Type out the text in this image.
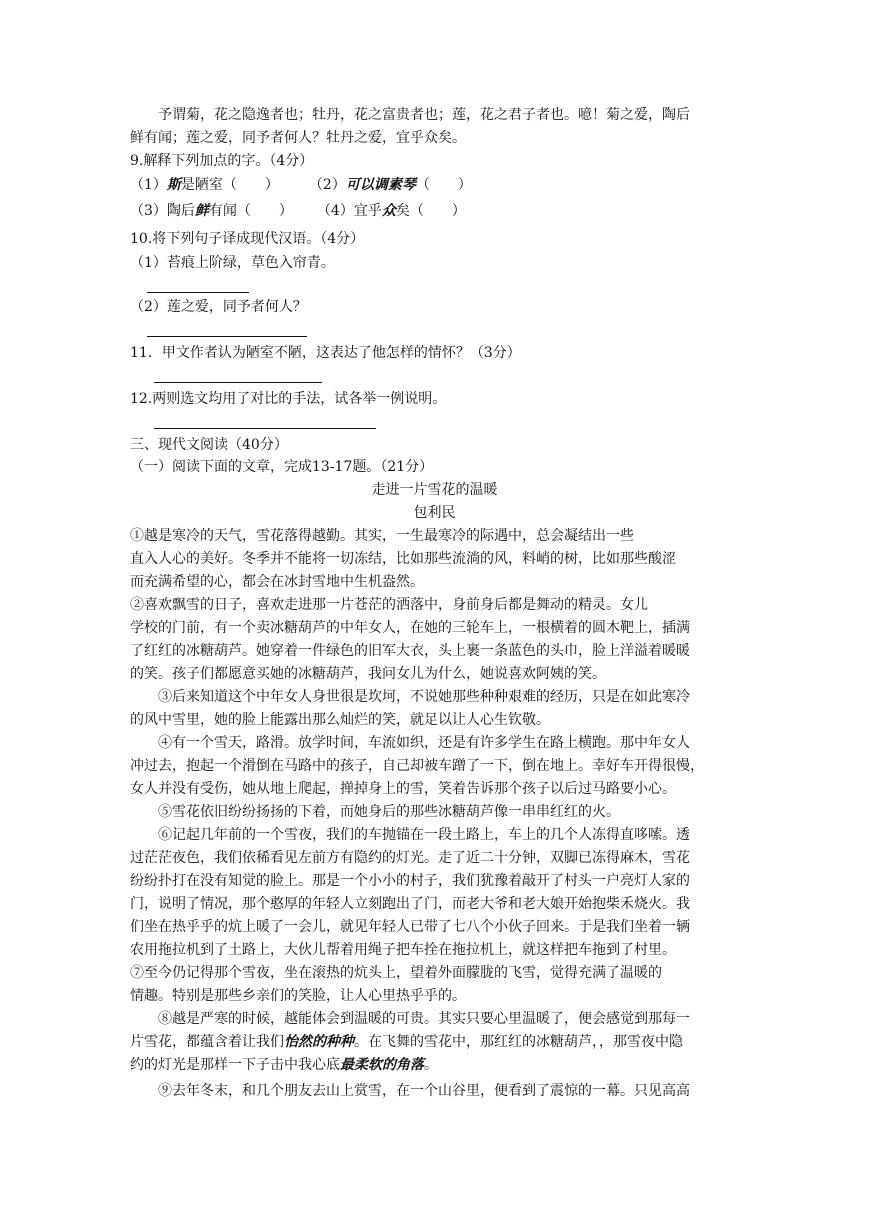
予谓菊，花之隐逸者也；牡丹，花之富贵者也；莲，花之君子者也。噫！菊之爱，陶后
鲜有闻；莲之爱，同予者何人？牡丹之爱，宜乎众矣。
9.解释下列加点的字。（4分）
（1）斯是陋室（　　） （2）可以调素琴（　　）
（3）陶后鲜有闻（　　） （4）宜乎众矣（　　）
10.将下列句子译成现代汉语。（4分）
（1）苔痕上阶绿，草色入帘青。
（2）莲之爱，同予者何人？
11．甲文作者认为陋室不陋，这表达了他怎样的情怀？（3分）
12.两则选文均用了对比的手法，试各举一例说明。
三、现代文阅读（40分）
（一）阅读下面的文章，完成13-17题。（21分）
走进一片雪花的温暖
包利民
①越是寒冷的天气，雪花落得越勤。其实，一生最寒冷的际遇中，总会凝结出一些
直入人心的美好。冬季并不能将一切冻结，比如那些流淌的风，料峭的树，比如那些酸涩
而充满希望的心，都会在冰封雪地中生机盎然。
②喜欢飘雪的日子，喜欢走进那一片苍茫的洒落中，身前身后都是舞动的精灵。女儿
学校的门前，有一个卖冰糖葫芦的中年女人，在她的三轮车上，一根横着的圆木靶上，插满
了红红的冰糖葫芦。她穿着一件绿色的旧军大衣，头上裹一条蓝色的头巾，脸上洋溢着暖暖
的笑。孩子们都愿意买她的冰糖葫芦，我问女儿为什么，她说喜欢阿姨的笑。
③后来知道这个中年女人身世很是坎坷，不说她那些种种艰难的经历，只是在如此寒冷
的风中雪里，她的脸上能露出那么灿烂的笑，就足以让人心生钦敬。
④有一个雪天，路滑。放学时间，车流如织，还是有许多学生在路上横跑。那中年女人
冲过去，抱起一个滑倒在马路中的孩子，自己却被车蹭了一下，倒在地上。幸好车开得很慢，
女人并没有受伤，她从地上爬起，掸掉身上的雪，笑着告诉那个孩子以后过马路要小心。
⑤雪花依旧纷纷扬扬的下着，而她身后的那些冰糖葫芦像一串串红红的火。
⑥记起几年前的一个雪夜，我们的车抛锚在一段土路上，车上的几个人冻得直哆嗦。透
过茫茫夜色，我们依稀看见左前方有隐约的灯光。走了近二十分钟，双脚已冻得麻木，雪花
纷纷扑打在没有知觉的脸上。那是一个小小的村子，我们犹豫着敲开了村头一户亮灯人家的
门，说明了情况，那个憨厚的年轻人立刻跑出了门，而老大爷和老大娘开始抱柴禾烧火。我
们坐在热乎乎的炕上暖了一会儿，就见年轻人已带了七八个小伙子回来。于是我们坐着一辆
农用拖拉机到了土路上，大伙儿帮着用绳子把车拴在拖拉机上，就这样把车拖到了村里。
⑦至今仍记得那个雪夜，坐在滚热的炕头上，望着外面朦胧的飞雪，觉得充满了温暖的
情趣。特别是那些乡亲们的笑脸，让人心里热乎乎的。
⑧越是严寒的时候，越能体会到温暖的可贵。其实只要心里温暖了，便会感觉到那每一
片雪花，都蕴含着让我们怡然的种种。在飞舞的雪花中，那红红的冰糖葫芦，，那雪夜中隐
约的灯光是那样一下子击中我心底最柔软的角落。
⑨去年冬末，和几个朋友去山上赏雪，在一个山谷里，便看到了震惊的一幕。只见高高
